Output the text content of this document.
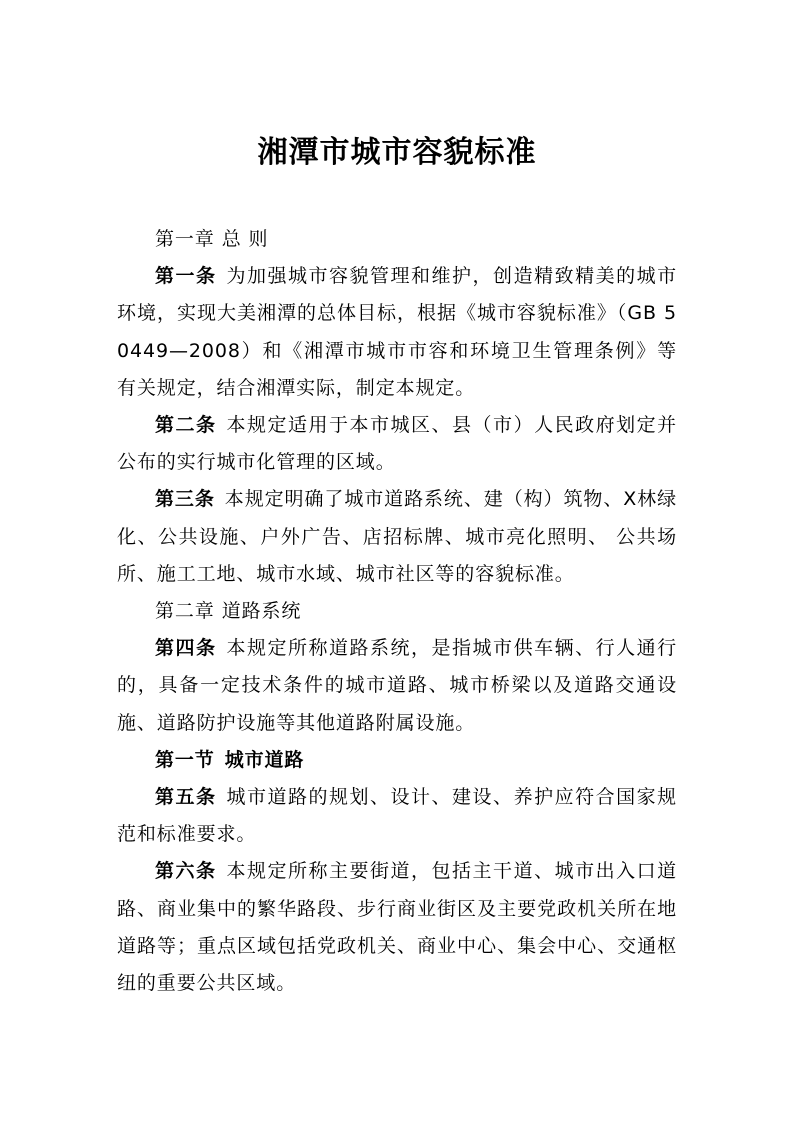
湘潭市城市容貌标准

第一章 总 则

第一条 为加强城市容貌管理和维护，创造精致精美的城市环境，实现大美湘潭的总体目标，根据《城市容貌标准》（GB 50449—2008）和《湘潭市城市市容和环境卫生管理条例》等有关规定，结合湘潭实际，制定本规定。

第二条 本规定适用于本市城区、县（市）人民政府划定并公布的实行城市化管理的区域。

第三条 本规定明确了城市道路系统、建（构）筑物、X林绿化、公共设施、户外广告、店招标牌、城市亮化照明、 公共场所、施工工地、城市水域、城市社区等的容貌标准。

第二章 道路系统

第四条 本规定所称道路系统，是指城市供车辆、行人通行的，具备一定技术条件的城市道路、城市桥梁以及道路交通设施、道路防护设施等其他道路附属设施。

第一节 城市道路

第五条 城市道路的规划、设计、建设、养护应符合国家规范和标准要求。

第六条 本规定所称主要街道，包括主干道、城市出入口道路、商业集中的繁华路段、步行商业街区及主要党政机关所在地道路等；重点区域包括党政机关、商业中心、集会中心、交通枢纽的重要公共区域。
